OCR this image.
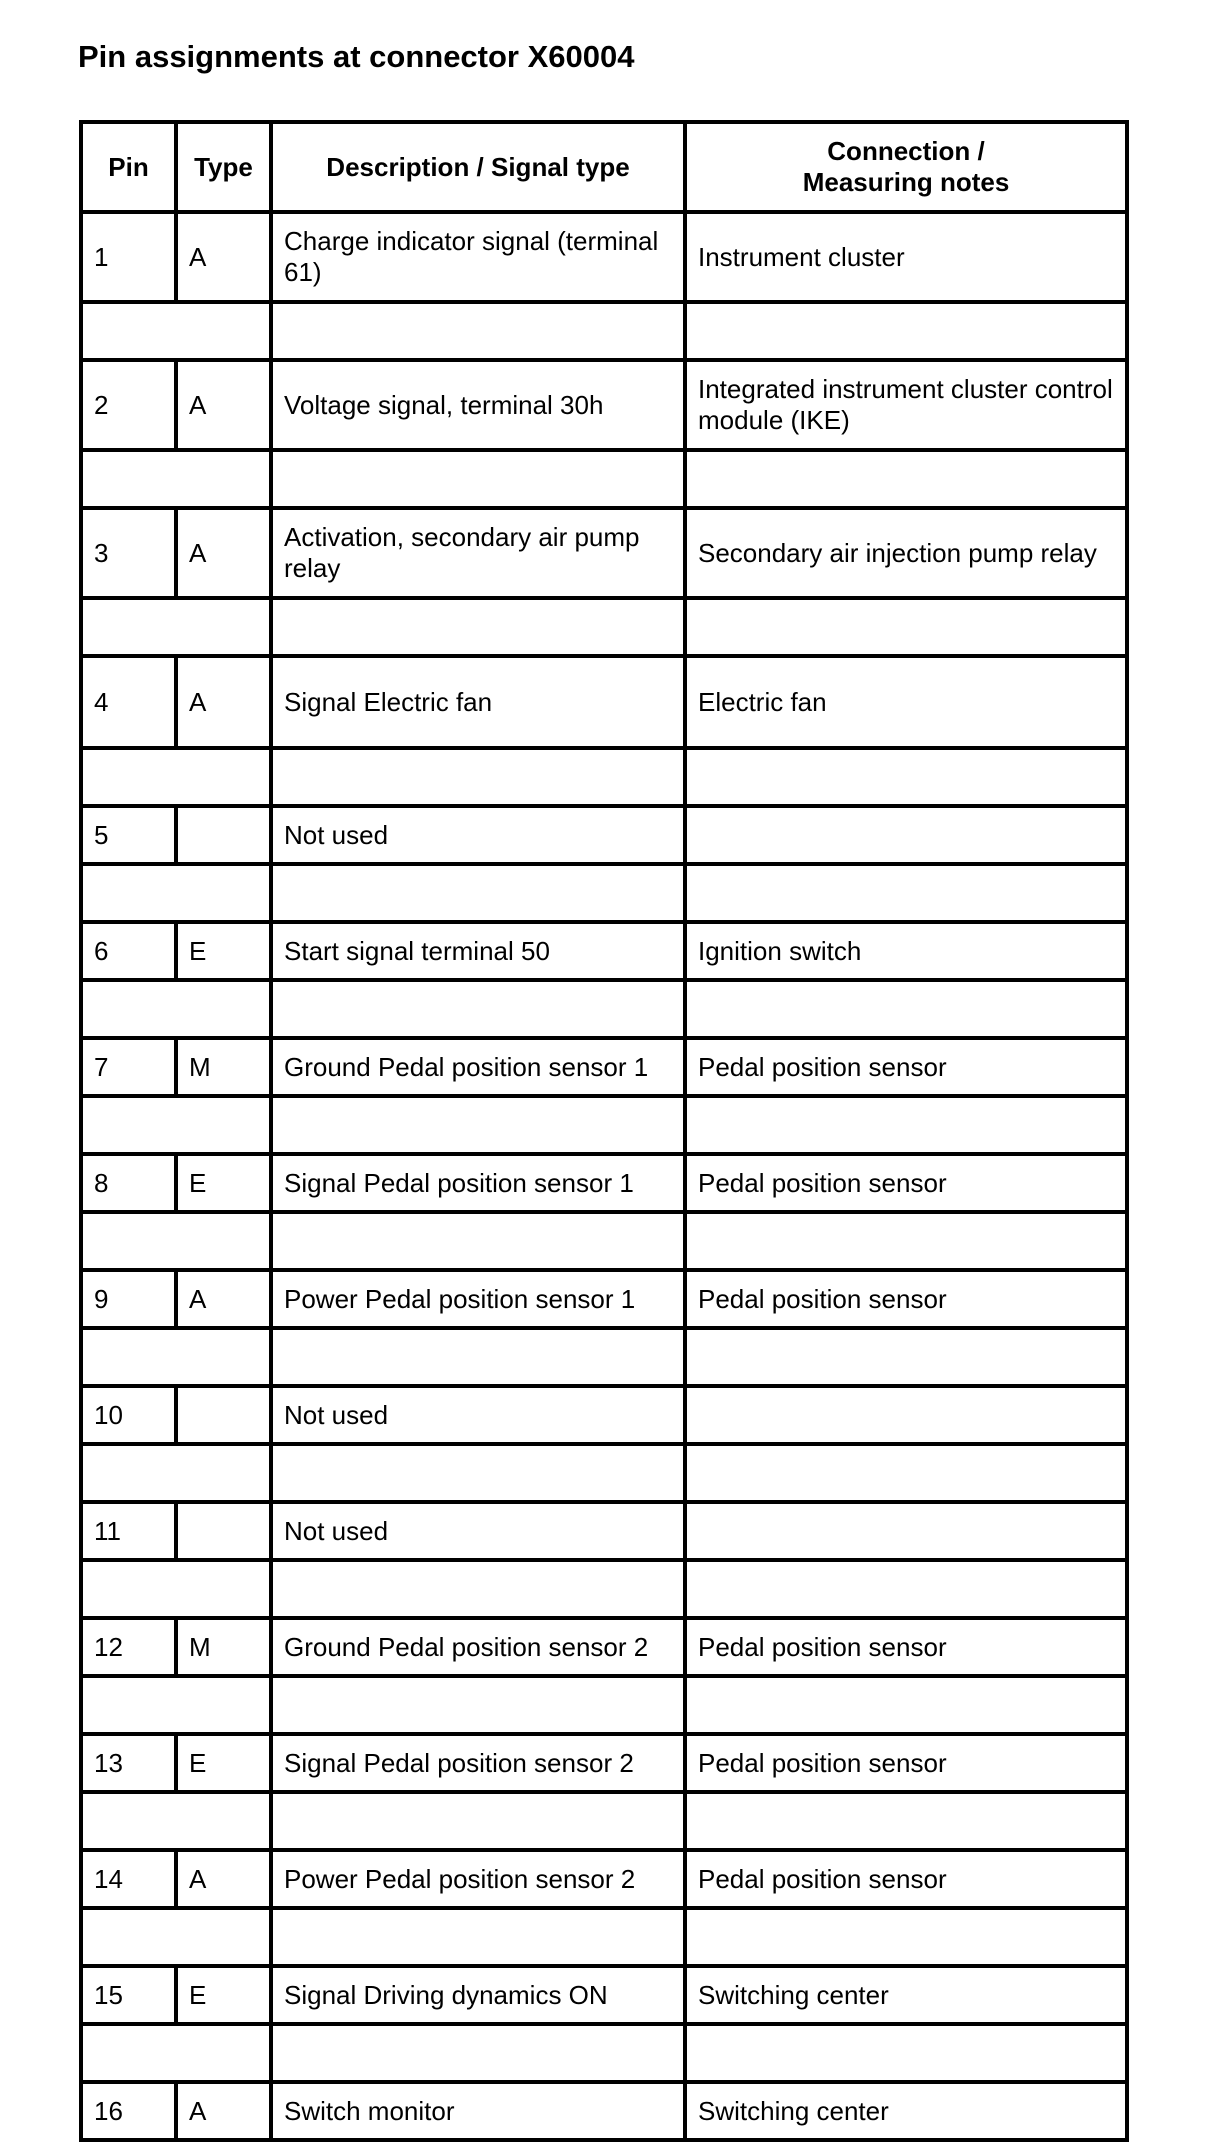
Pin assignments at connector X60004
Pin	Type	Description / Signal type	Connection /
Measuring notes
1	A	Charge indicator signal (terminal 61)	Instrument cluster

2	A	Voltage signal, terminal 30h	Integrated instrument cluster control module (IKE)

3	A	Activation, secondary air pump relay	Secondary air injection pump relay

4	A	Signal Electric fan	Electric fan

5		Not used	

6	E	Start signal terminal 50	Ignition switch

7	M	Ground Pedal position sensor 1	Pedal position sensor

8	E	Signal Pedal position sensor 1	Pedal position sensor

9	A	Power Pedal position sensor 1	Pedal position sensor

10		Not used	

11		Not used	

12	M	Ground Pedal position sensor 2	Pedal position sensor

13	E	Signal Pedal position sensor 2	Pedal position sensor

14	A	Power Pedal position sensor 2	Pedal position sensor

15	E	Signal Driving dynamics ON	Switching center

16	A	Switch monitor	Switching center
